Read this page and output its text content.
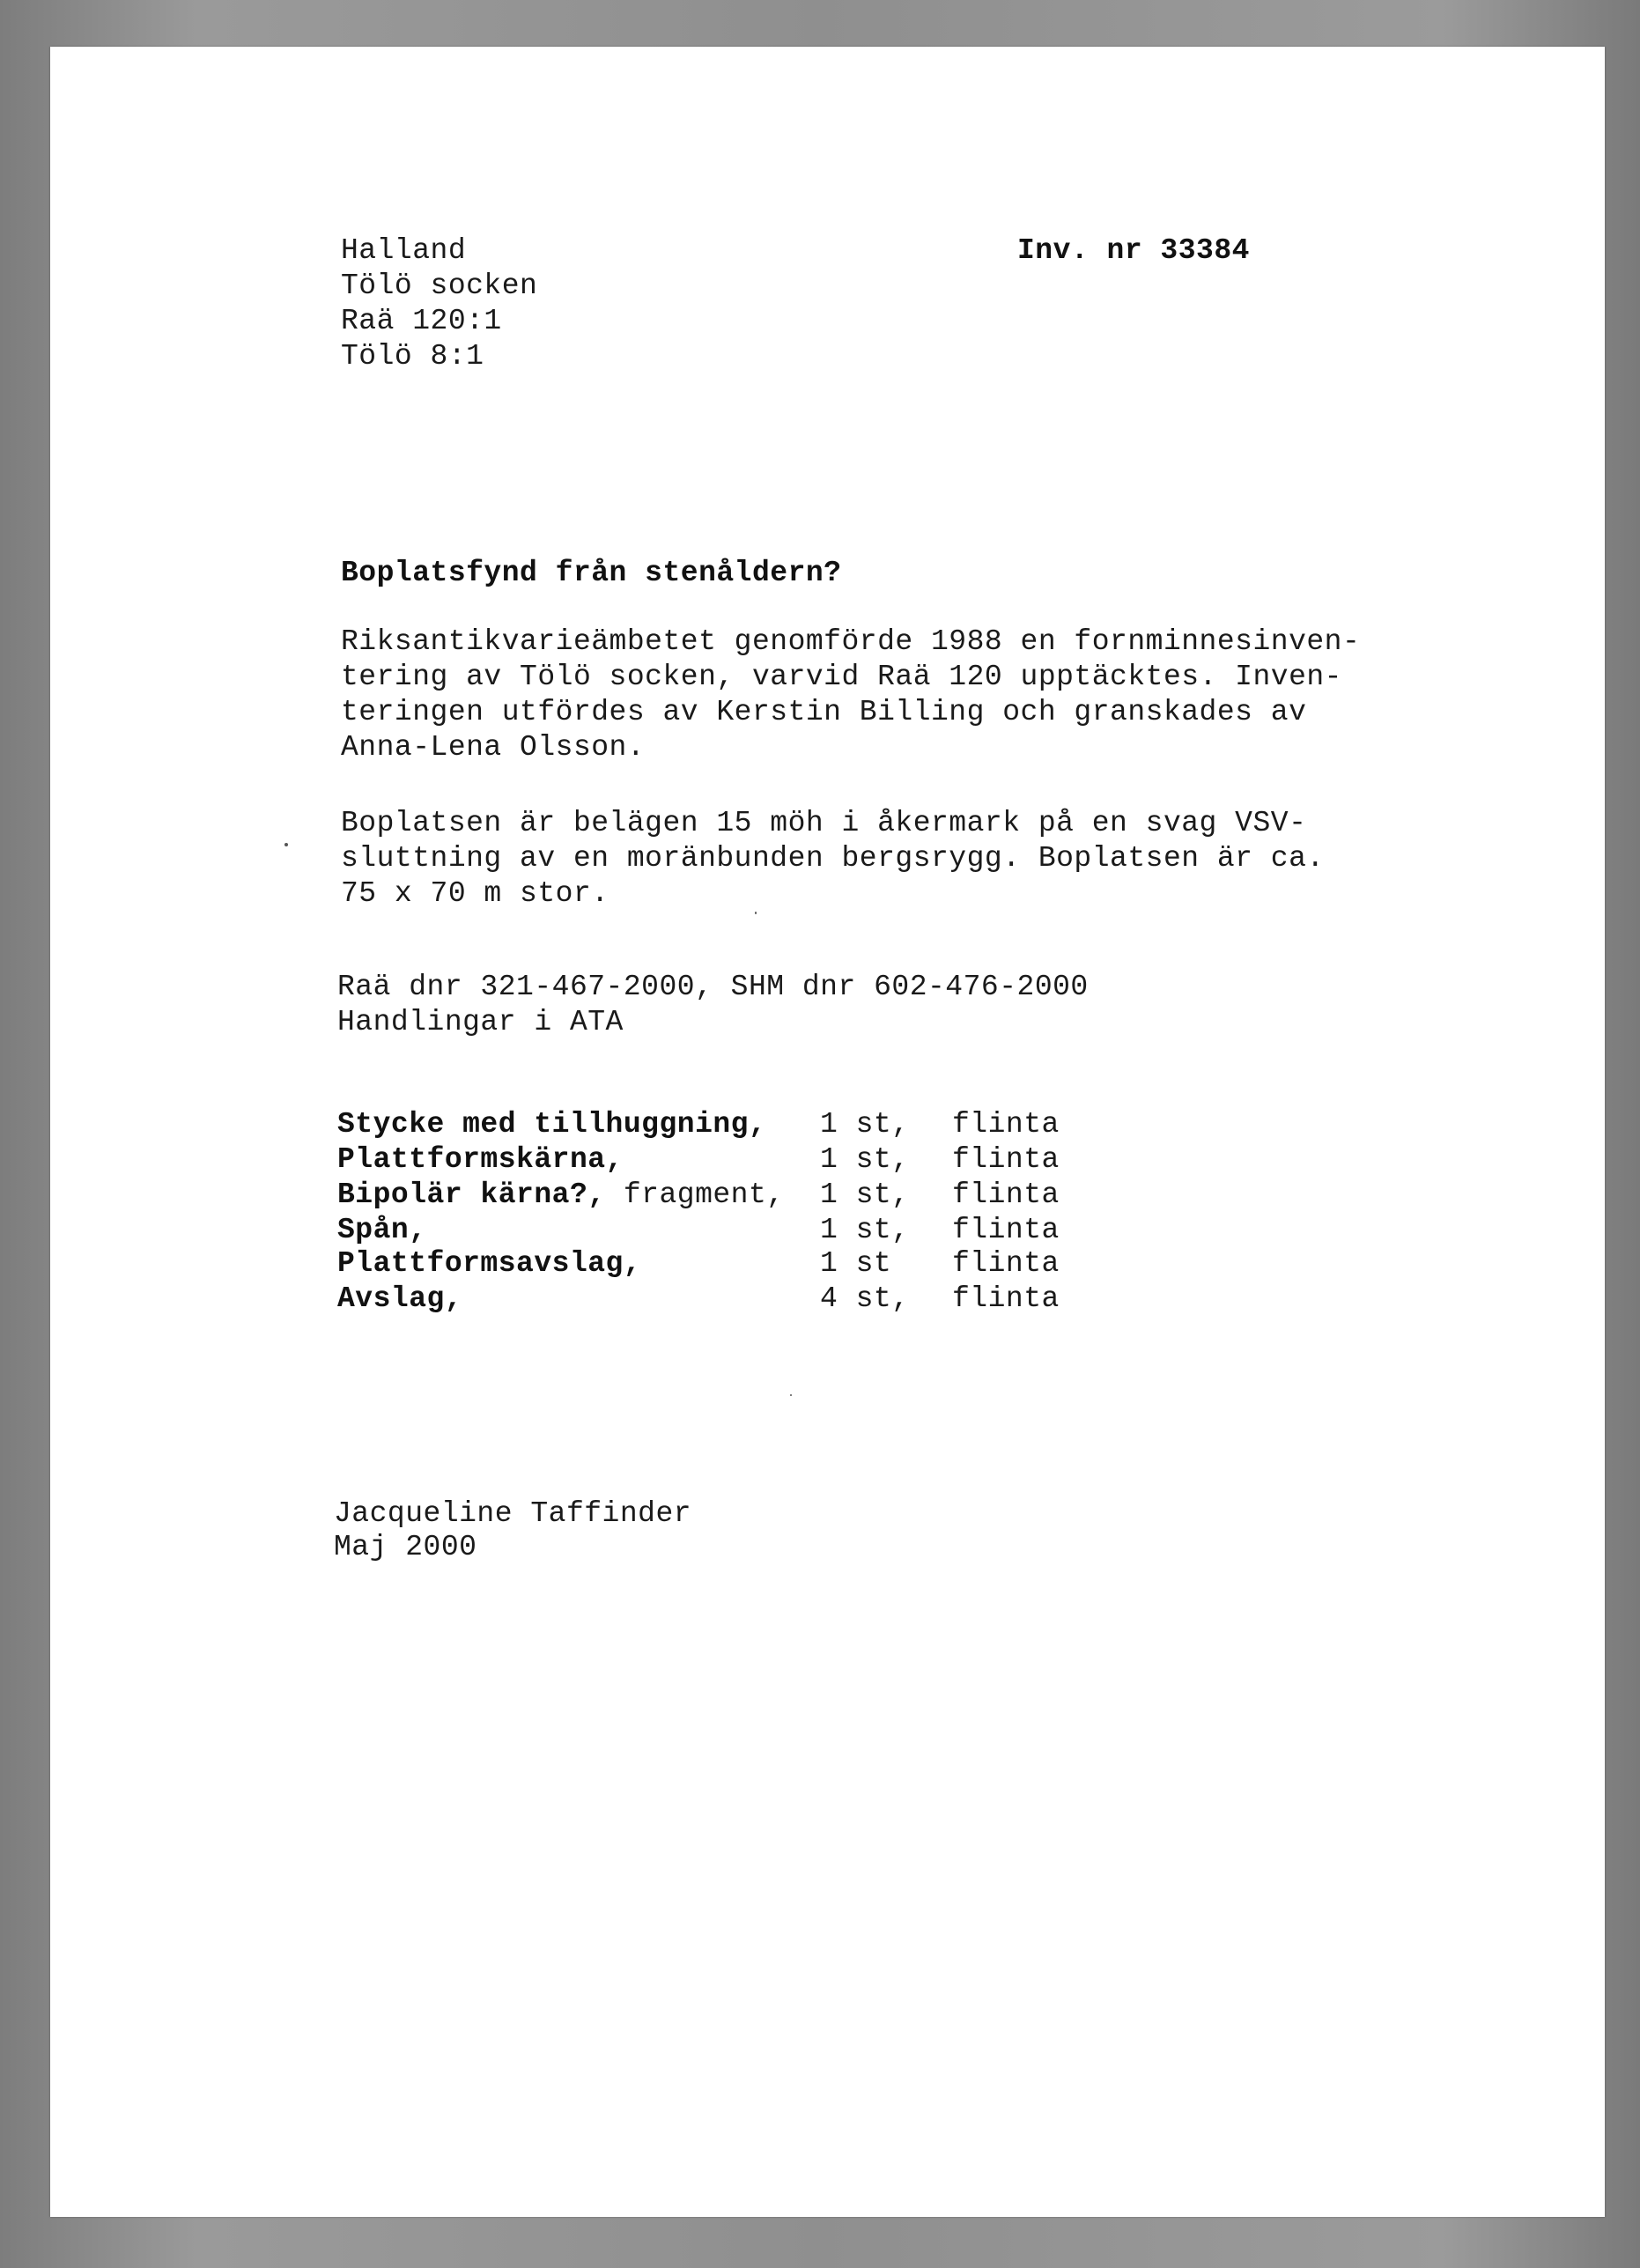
Halland
Tölö socken
Raä 120:1
Tölö 8:1
Inv. nr 33384
Boplatsfynd från stenåldern?
Riksantikvarieämbetet genomförde 1988 en fornminnesinven-
tering av Tölö socken, varvid Raä 120 upptäcktes. Inven-
teringen utfördes av Kerstin Billing och granskades av
Anna-Lena Olsson.
Boplatsen är belägen 15 möh i åkermark på en svag VSV-
sluttning av en moränbunden bergsrygg. Boplatsen är ca.
75 x 70 m stor.
Raä dnr 321-467-2000, SHM dnr 602-476-2000
Handlingar i ATA
Stycke med tillhuggning, 1 st, flinta
Plattformskärna,	1 st, flinta
Bipolär kärna?, fragment, 1 st, flinta
Spån,	1 st, flinta
Plattformsavslag,	1 st flinta
Avslag,	4 st, flinta
Jacqueline Taffinder
Maj 2000
